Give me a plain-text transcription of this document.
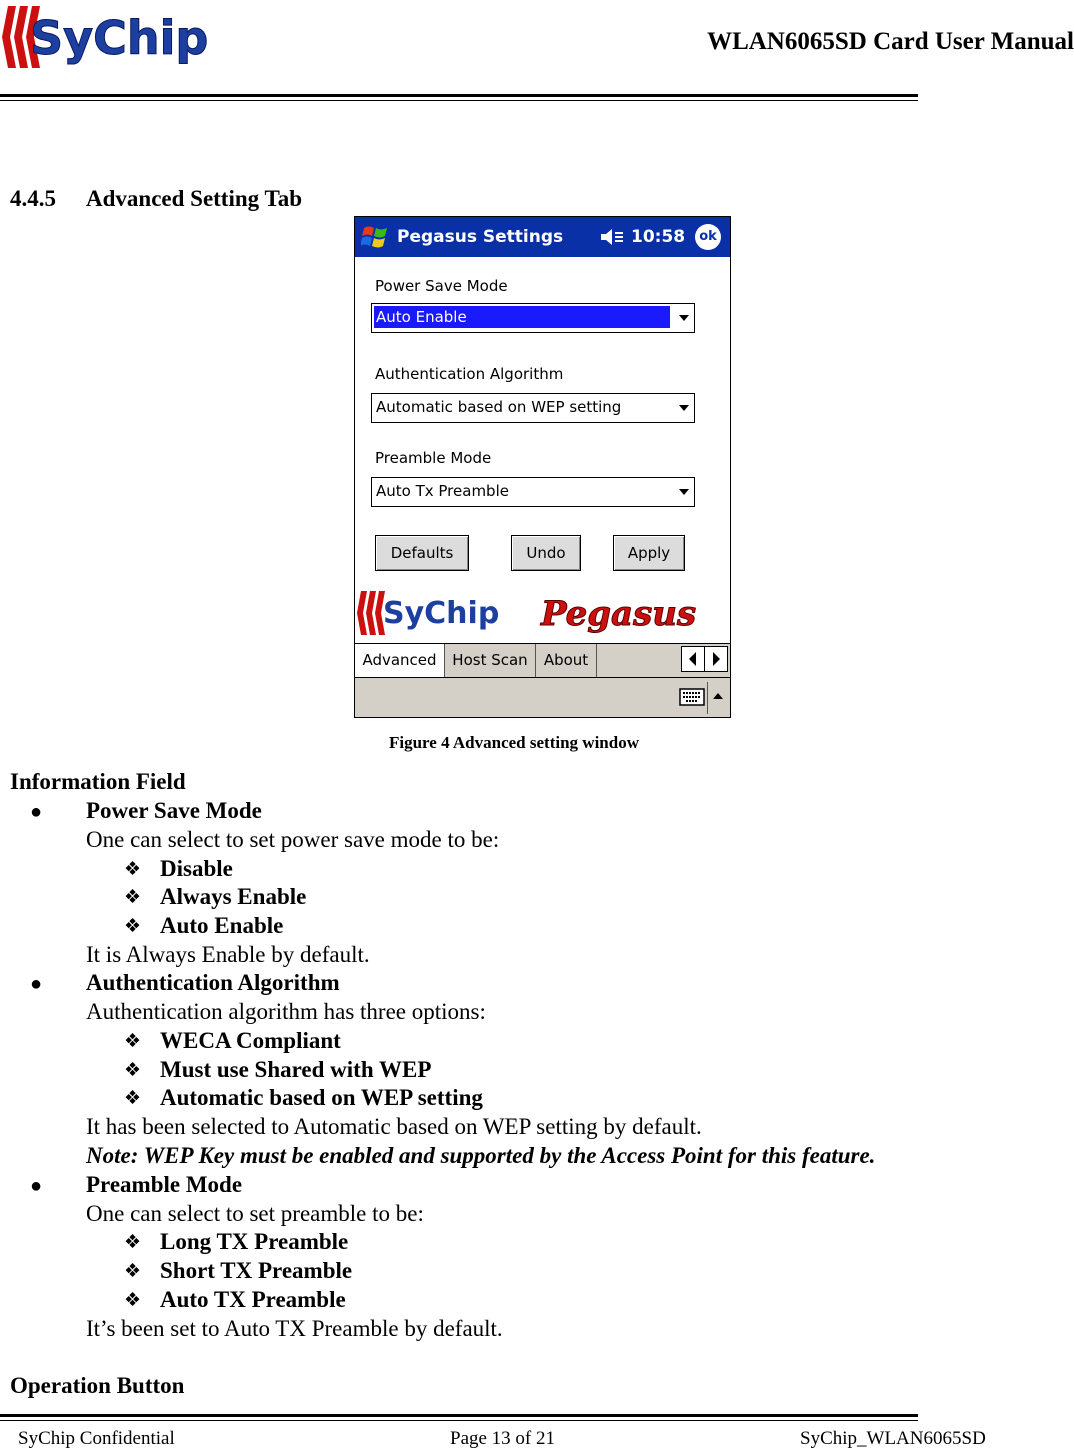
SyChip	WLAN6065SD Card User Manual
4.4.5 Advanced Setting Tab
Pegasus Settings	10:58	ok
Power Save Mode
Auto Enable
Authentication Algorithm
Automatic based on WEP setting
Preamble Mode
Auto Tx Preamble
Defaults	Undo	Apply
SyChip Pegasus
Advanced	Host Scan	About
Figure 4 Advanced setting window
Information Field
● Power Save Mode
One can select to set power save mode to be:
❖ Disable
❖ Always Enable
❖ Auto Enable
It is Always Enable by default.
● Authentication Algorithm
Authentication algorithm has three options:
❖ WECA Compliant
❖ Must use Shared with WEP
❖ Automatic based on WEP setting
It has been selected to Automatic based on WEP setting by default.
Note: WEP Key must be enabled and supported by the Access Point for this feature.
● Preamble Mode
One can select to set preamble to be:
❖ Long TX Preamble
❖ Short TX Preamble
❖ Auto TX Preamble
It’s been set to Auto TX Preamble by default.
Operation Button
SyChip Confidential	Page 13 of 21	SyChip_WLAN6065SD
